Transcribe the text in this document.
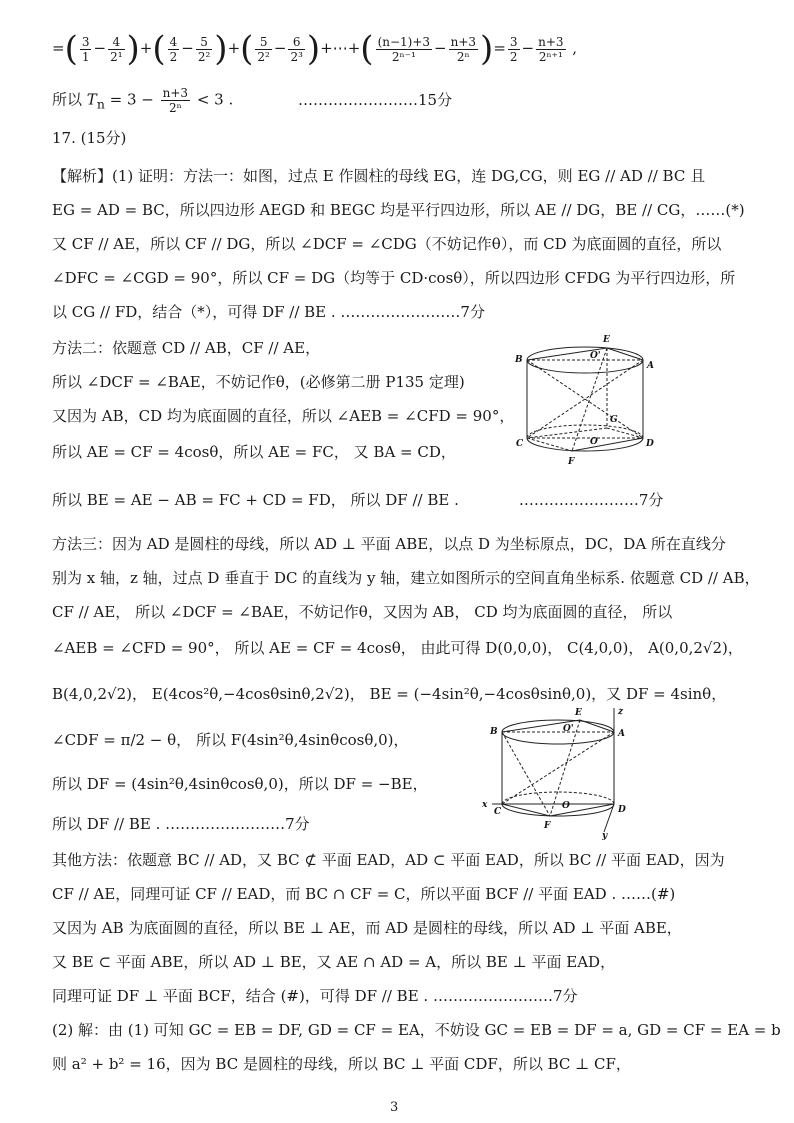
=( $\frac{3}{1} - \frac{4}{\text{2¹}}$ )+( $\frac{4}{2} - \frac{5}{\text{2²}}$ )+( $\frac{5}{\text{2²}} - \frac{6}{\text{2³}}$ )+⋯+( $\frac{(n-1)+3}{\text{2ⁿ⁻¹}} - \frac{n+3}{\text{2ⁿ}}$ )= $\frac{3}{2} - \frac{n+3}{\text{2ⁿ⁺¹}}$ ,
所以 $T_n = 3 - \frac{n+3}{\text{2ⁿ}} < 3$ .	……………………15分
17. (15分)
【解析】(1) 证明：方法一：如图，过点 E 作圆柱的母线 EG，连 DG,CG，则 EG // AD // BC 且
EG = AD = BC，所以四边形 AEGD 和 BEGC 均是平行四边形，所以 AE // DG，BE // CG，……(*)
又 CF // AE，所以 CF // DG，所以 ∠DCF = ∠CDG（不妨记作θ），而 CD 为底面圆的直径，所以
∠DFC = ∠CGD = 90°，所以 CF = DG（均等于 CD·cosθ），所以四边形 CFDG 为平行四边形，所
以 CG // FD，结合（*），可得 DF // BE . ……………………7分
方法二：依题意 CD // AB，CF // AE，
所以 ∠DCF = ∠BAE，不妨记作θ，(必修第二册 P135 定理)
又因为 AB，CD 均为底面圆的直径，所以 ∠AEB = ∠CFD = 90°，
所以 AE = CF = 4cosθ，所以 AE = FC， 又 BA = CD，
所以 BE = AE − AB = FC + CD = FD， 所以 DF // BE .	……………………7分
E
O'
B
A
G
O
C	D
F
方法三：因为 AD 是圆柱的母线，所以 AD ⊥ 平面 ABE，以点 D 为坐标原点，DC，DA 所在直线分
别为 x 轴，z 轴，过点 D 垂直于 DC 的直线为 y 轴，建立如图所示的空间直角坐标系. 依题意 CD // AB，
CF // AE， 所以 ∠DCF = ∠BAE，不妨记作θ，又因为 AB， CD 均为底面圆的直径， 所以
∠AEB = ∠CFD = 90°， 所以 AE = CF = 4cosθ， 由此可得 D(0,0,0)， C(4,0,0)， A(0,0,2√2)，
B(4,0,2√2)， E(4cos²θ,−4cosθsinθ,2√2)， BE = (−4sin²θ,−4cosθsinθ,0)，又 DF = 4sinθ，
∠CDF = π/2 − θ， 所以 F(4sin²θ,4sinθcosθ,0)，
所以 DF = (4sin²θ,4sinθcosθ,0)，所以 DF = −BE，
所以 DF // BE . ……………………7分
E	z
O'
B	A
x
C
O	D
F
y
其他方法：依题意 BC // AD，又 BC ⊄ 平面 EAD，AD ⊂ 平面 EAD，所以 BC // 平面 EAD，因为
CF // AE，同理可证 CF // EAD，而 BC ∩ CF = C，所以平面 BCF // 平面 EAD . ……(#)
又因为 AB 为底面圆的直径，所以 BE ⊥ AE，而 AD 是圆柱的母线，所以 AD ⊥ 平面 ABE，
又 BE ⊂ 平面 ABE，所以 AD ⊥ BE，又 AE ∩ AD = A，所以 BE ⊥ 平面 EAD，
同理可证 DF ⊥ 平面 BCF，结合 (#)，可得 DF // BE . ……………………7分
(2) 解：由 (1) 可知 GC = EB = DF, GD = CF = EA，不妨设 GC = EB = DF = a, GD = CF = EA = b
则 a² + b² = 16，因为 BC 是圆柱的母线，所以 BC ⊥ 平面 CDF，所以 BC ⊥ CF，
3
